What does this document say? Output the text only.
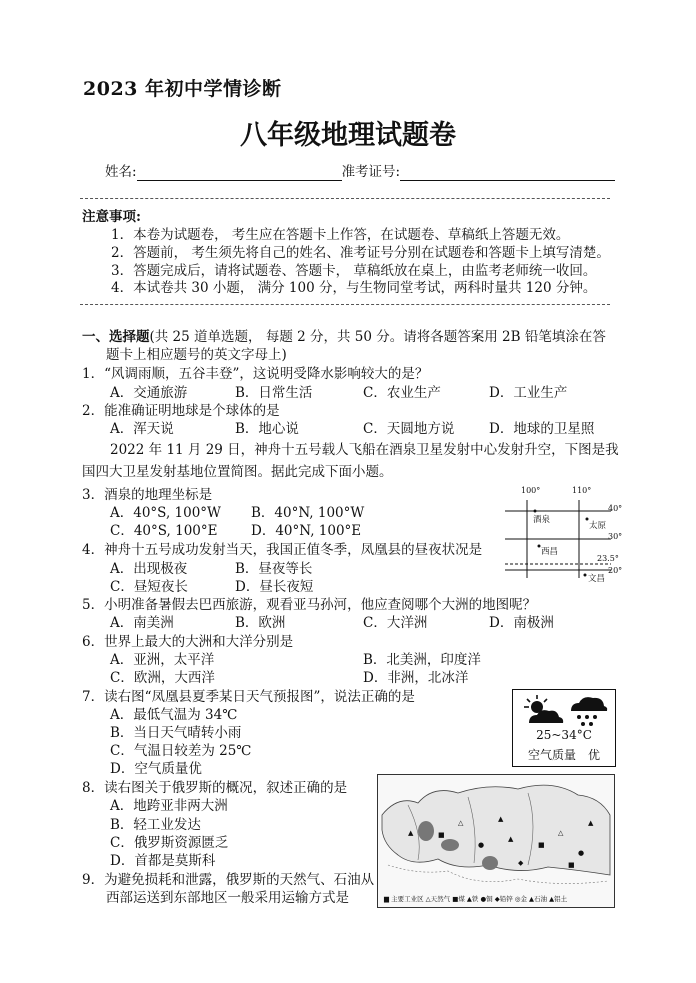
2023 年初中学情诊断
八年级地理试题卷
姓名:	准考证号:
注意事项:
1．本卷为试题卷， 考生应在答题卡上作答，在试题卷、草稿纸上答题无效。
2．答题前， 考生须先将自己的姓名、准考证号分别在试题卷和答题卡上填写清楚。
3．答题完成后，请将试题卷、答题卡， 草稿纸放在桌上，由监考老师统一收回。
4．本试卷共 30 小题， 满分 100 分，与生物同堂考试，两科时量共 120 分钟。
一、选择题(共 25 道单选题， 每题 2 分，共 50 分。请将各题答案用 2B 铅笔填涂在答
题卡上相应题号的英文字母上)
1．“风调雨顺，五谷丰登”，这说明受降水影响较大的是？
A．交通旅游	B．日常生活	C．农业生产	D．工业生产
2．能准确证明地球是个球体的是
A．浑天说	B．地心说	C．天圆地方说	D．地球的卫星照
2022 年 11 月 29 日，神舟十五号载人飞船在酒泉卫星发射中心发射升空，下图是我
国四大卫星发射基地位置简图。据此完成下面小题。
3．酒泉的地理坐标是
A．40°S, 100°W B．40°N, 100°W
C．40°S, 100°E D．40°N, 100°E
100°	110°
40°
30°
23.5°
20°
酒泉
太原
西昌
文昌
4．神舟十五号成功发射当天，我国正值冬季，凤凰县的昼夜状况是
A．出现极夜	B．昼夜等长
C．昼短夜长	D．昼长夜短
5．小明准备暑假去巴西旅游，观看亚马孙河，他应查阅哪个大洲的地图呢？
A．南美洲	B．欧洲	C．大洋洲	D．南极洲
6．世界上最大的大洲和大洋分别是
A．亚洲，太平洋	B．北美洲，印度洋
C．欧洲，大西洋	D．非洲，北冰洋
7．读右图“凤凰县夏季某日天气预报图”，说法正确的是
A．最低气温为 34℃
B．当日天气晴转小雨
C．气温日较差为 25℃
D．空气质量优
25~34°C
空气质量　优
8．读右图关于俄罗斯的概况，叙述正确的是
A．地跨亚非两大洲
B．轻工业发达
C．俄罗斯资源匮乏
D．首都是莫斯科
9．为避免损耗和泄露，俄罗斯的天然气、石油从
西部运送到东部地区一般采用运输方式是
▲	■
△
●
▲
■
△
●
▲
◆
▲
■
▆ 主要工业区 △天然气 ■煤 ▲铁 ●铜 ◆铅锌 ◎金 ▲石油 ▲铝土
